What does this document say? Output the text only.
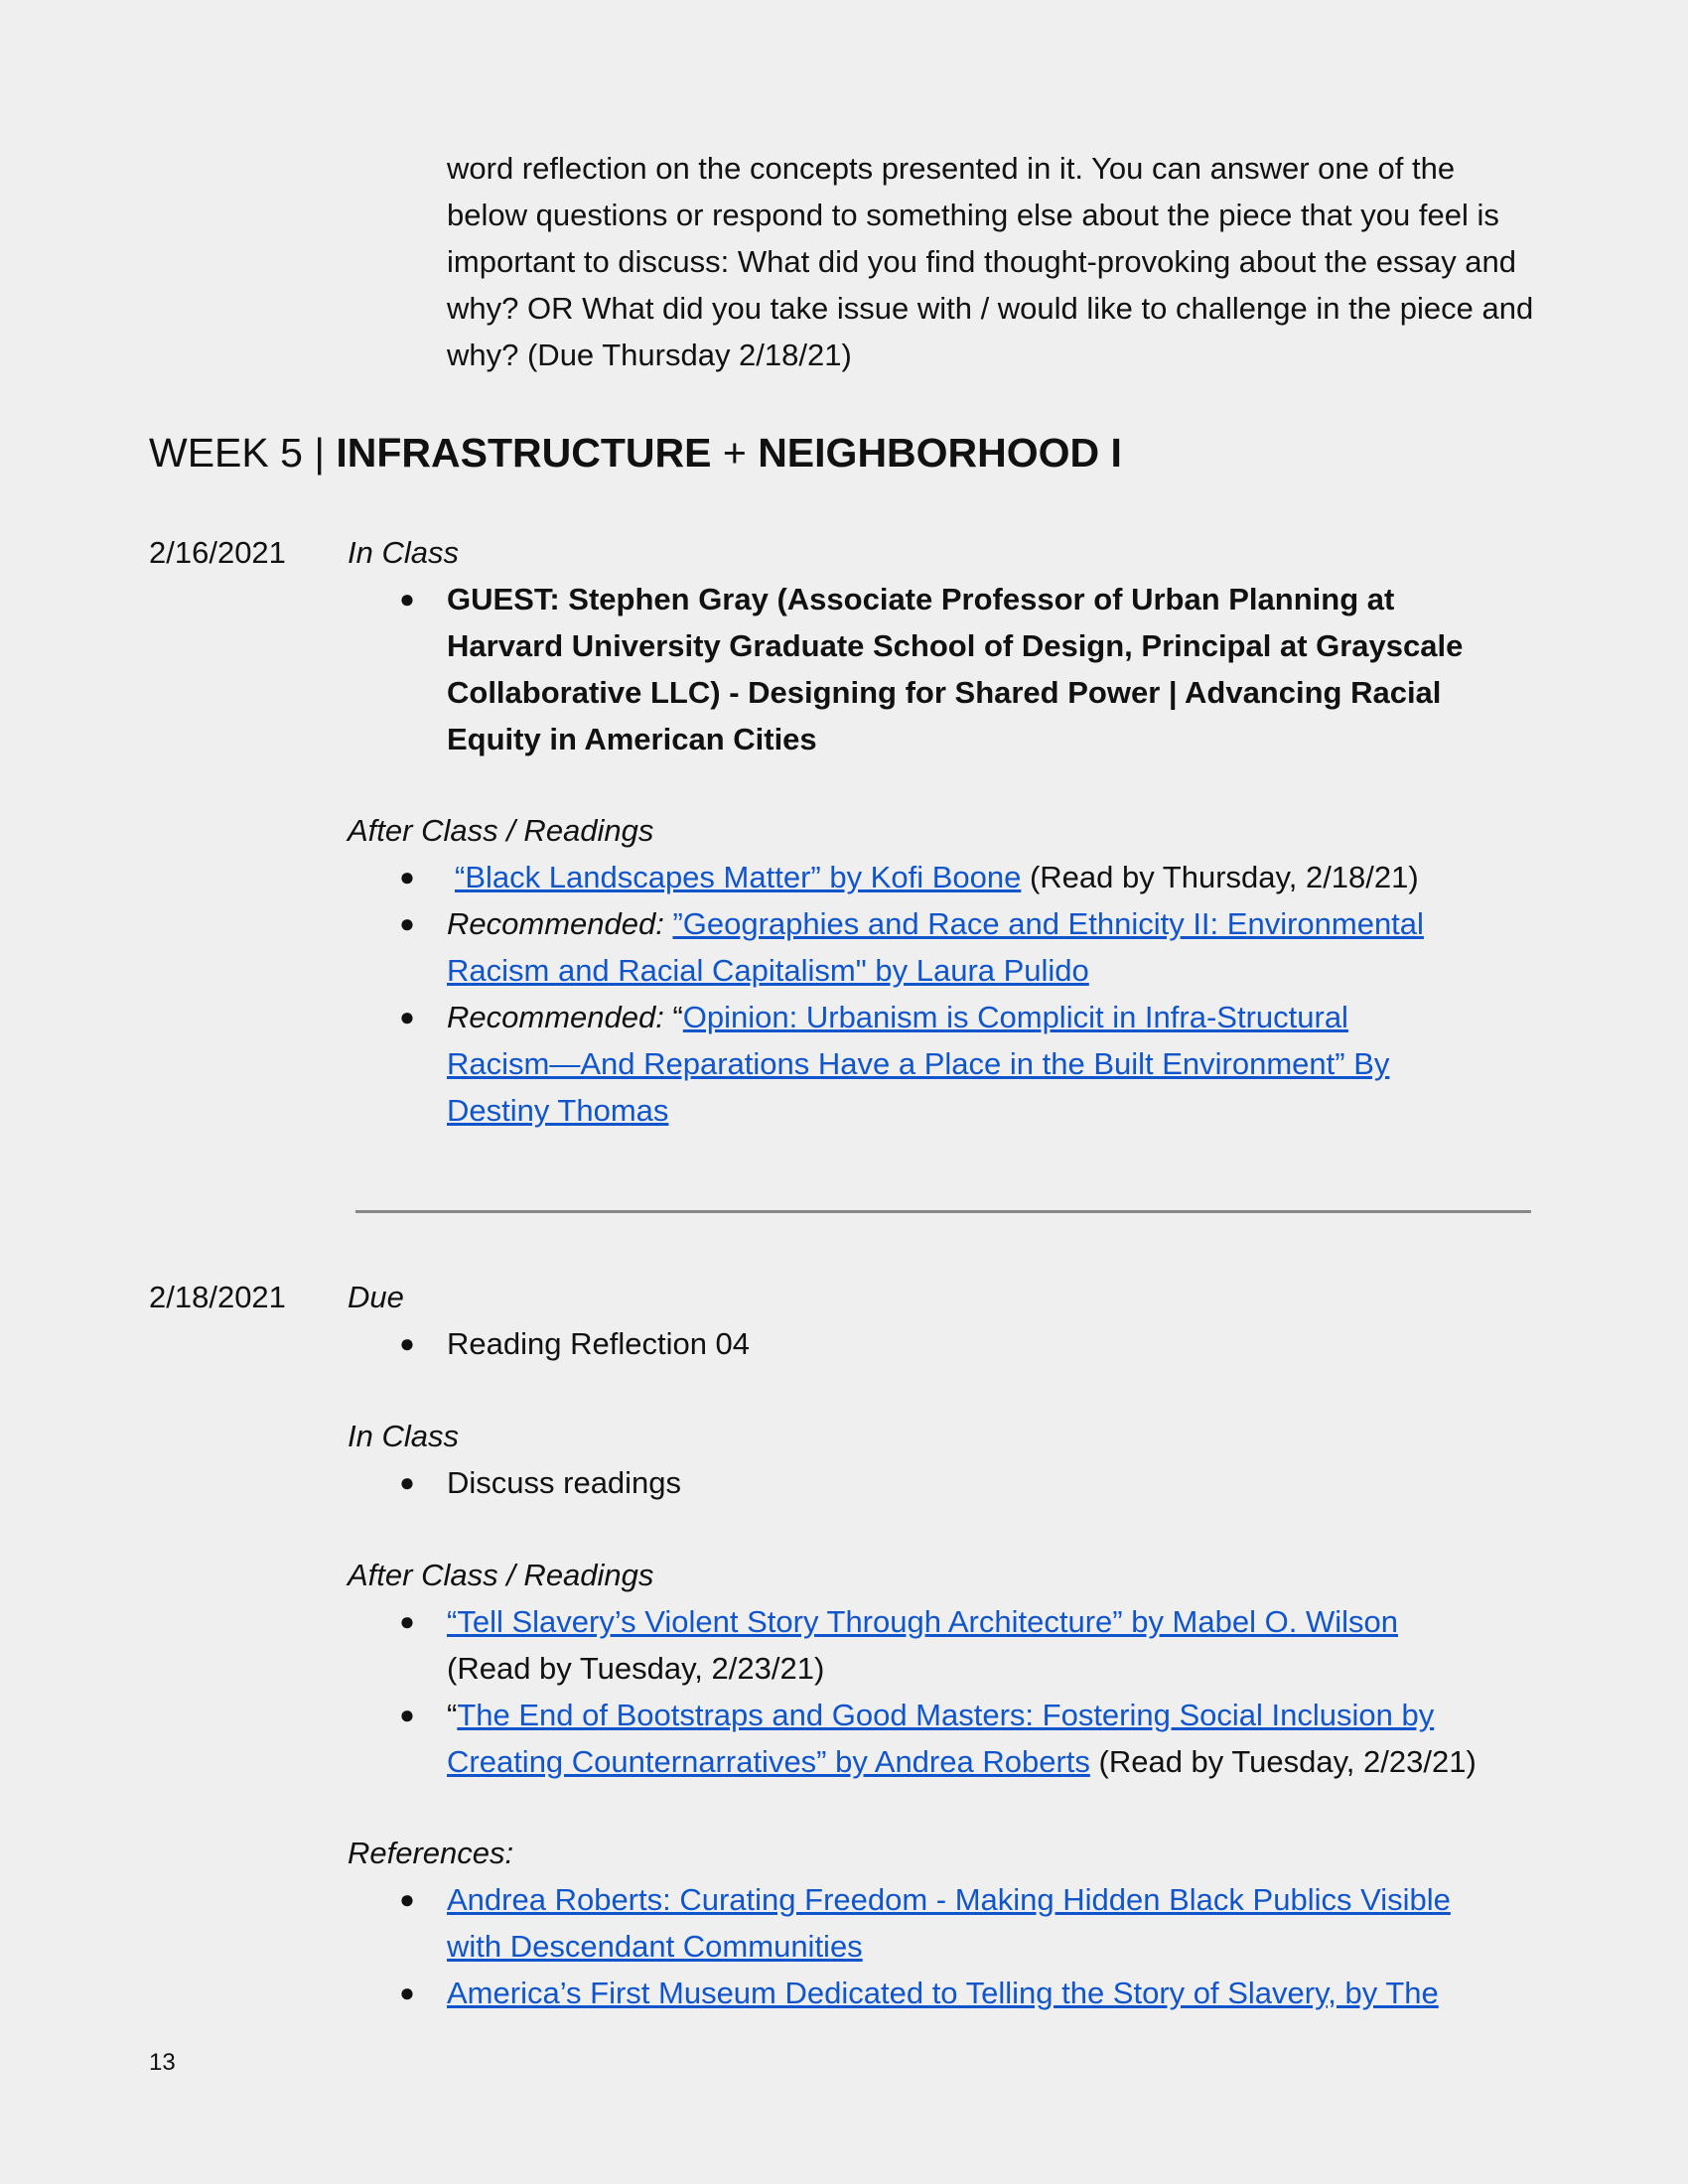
word reflection on the concepts presented in it. You can answer one of the below questions or respond to something else about the piece that you feel is important to discuss: What did you find thought-provoking about the essay and why? OR What did you take issue with / would like to challenge in the piece and why? (Due Thursday 2/18/21)

WEEK 5 | INFRASTRUCTURE + NEIGHBORHOOD I
2/16/2021 In Class

● GUEST: Stephen Gray (Associate Professor of Urban Planning at Harvard University Graduate School of Design, Principal at Grayscale Collaborative LLC) - Designing for Shared Power | Advancing Racial Equity in American Cities

After Class / Readings

● “Black Landscapes Matter” by Kofi Boone (Read by Thursday, 2/18/21)
● Recommended: ”Geographies and Race and Ethnicity II: Environmental Racism and Racial Capitalism" by Laura Pulido
● Recommended: “Opinion: Urbanism is Complicit in Infra-Structural Racism—And Reparations Have a Place in the Built Environment” By Destiny Thomas
2/18/2021 Due

● Reading Reflection 04

In Class

● Discuss readings

After Class / Readings

● “Tell Slavery’s Violent Story Through Architecture” by Mabel O. Wilson
(Read by Tuesday, 2/23/21)
● “The End of Bootstraps and Good Masters: Fostering Social Inclusion by Creating Counternarratives” by Andrea Roberts (Read by Tuesday, 2/23/21)

References:

● Andrea Roberts: Curating Freedom - Making Hidden Black Publics Visible with Descendant Communities
● America’s First Museum Dedicated to Telling the Story of Slavery, by The
13
